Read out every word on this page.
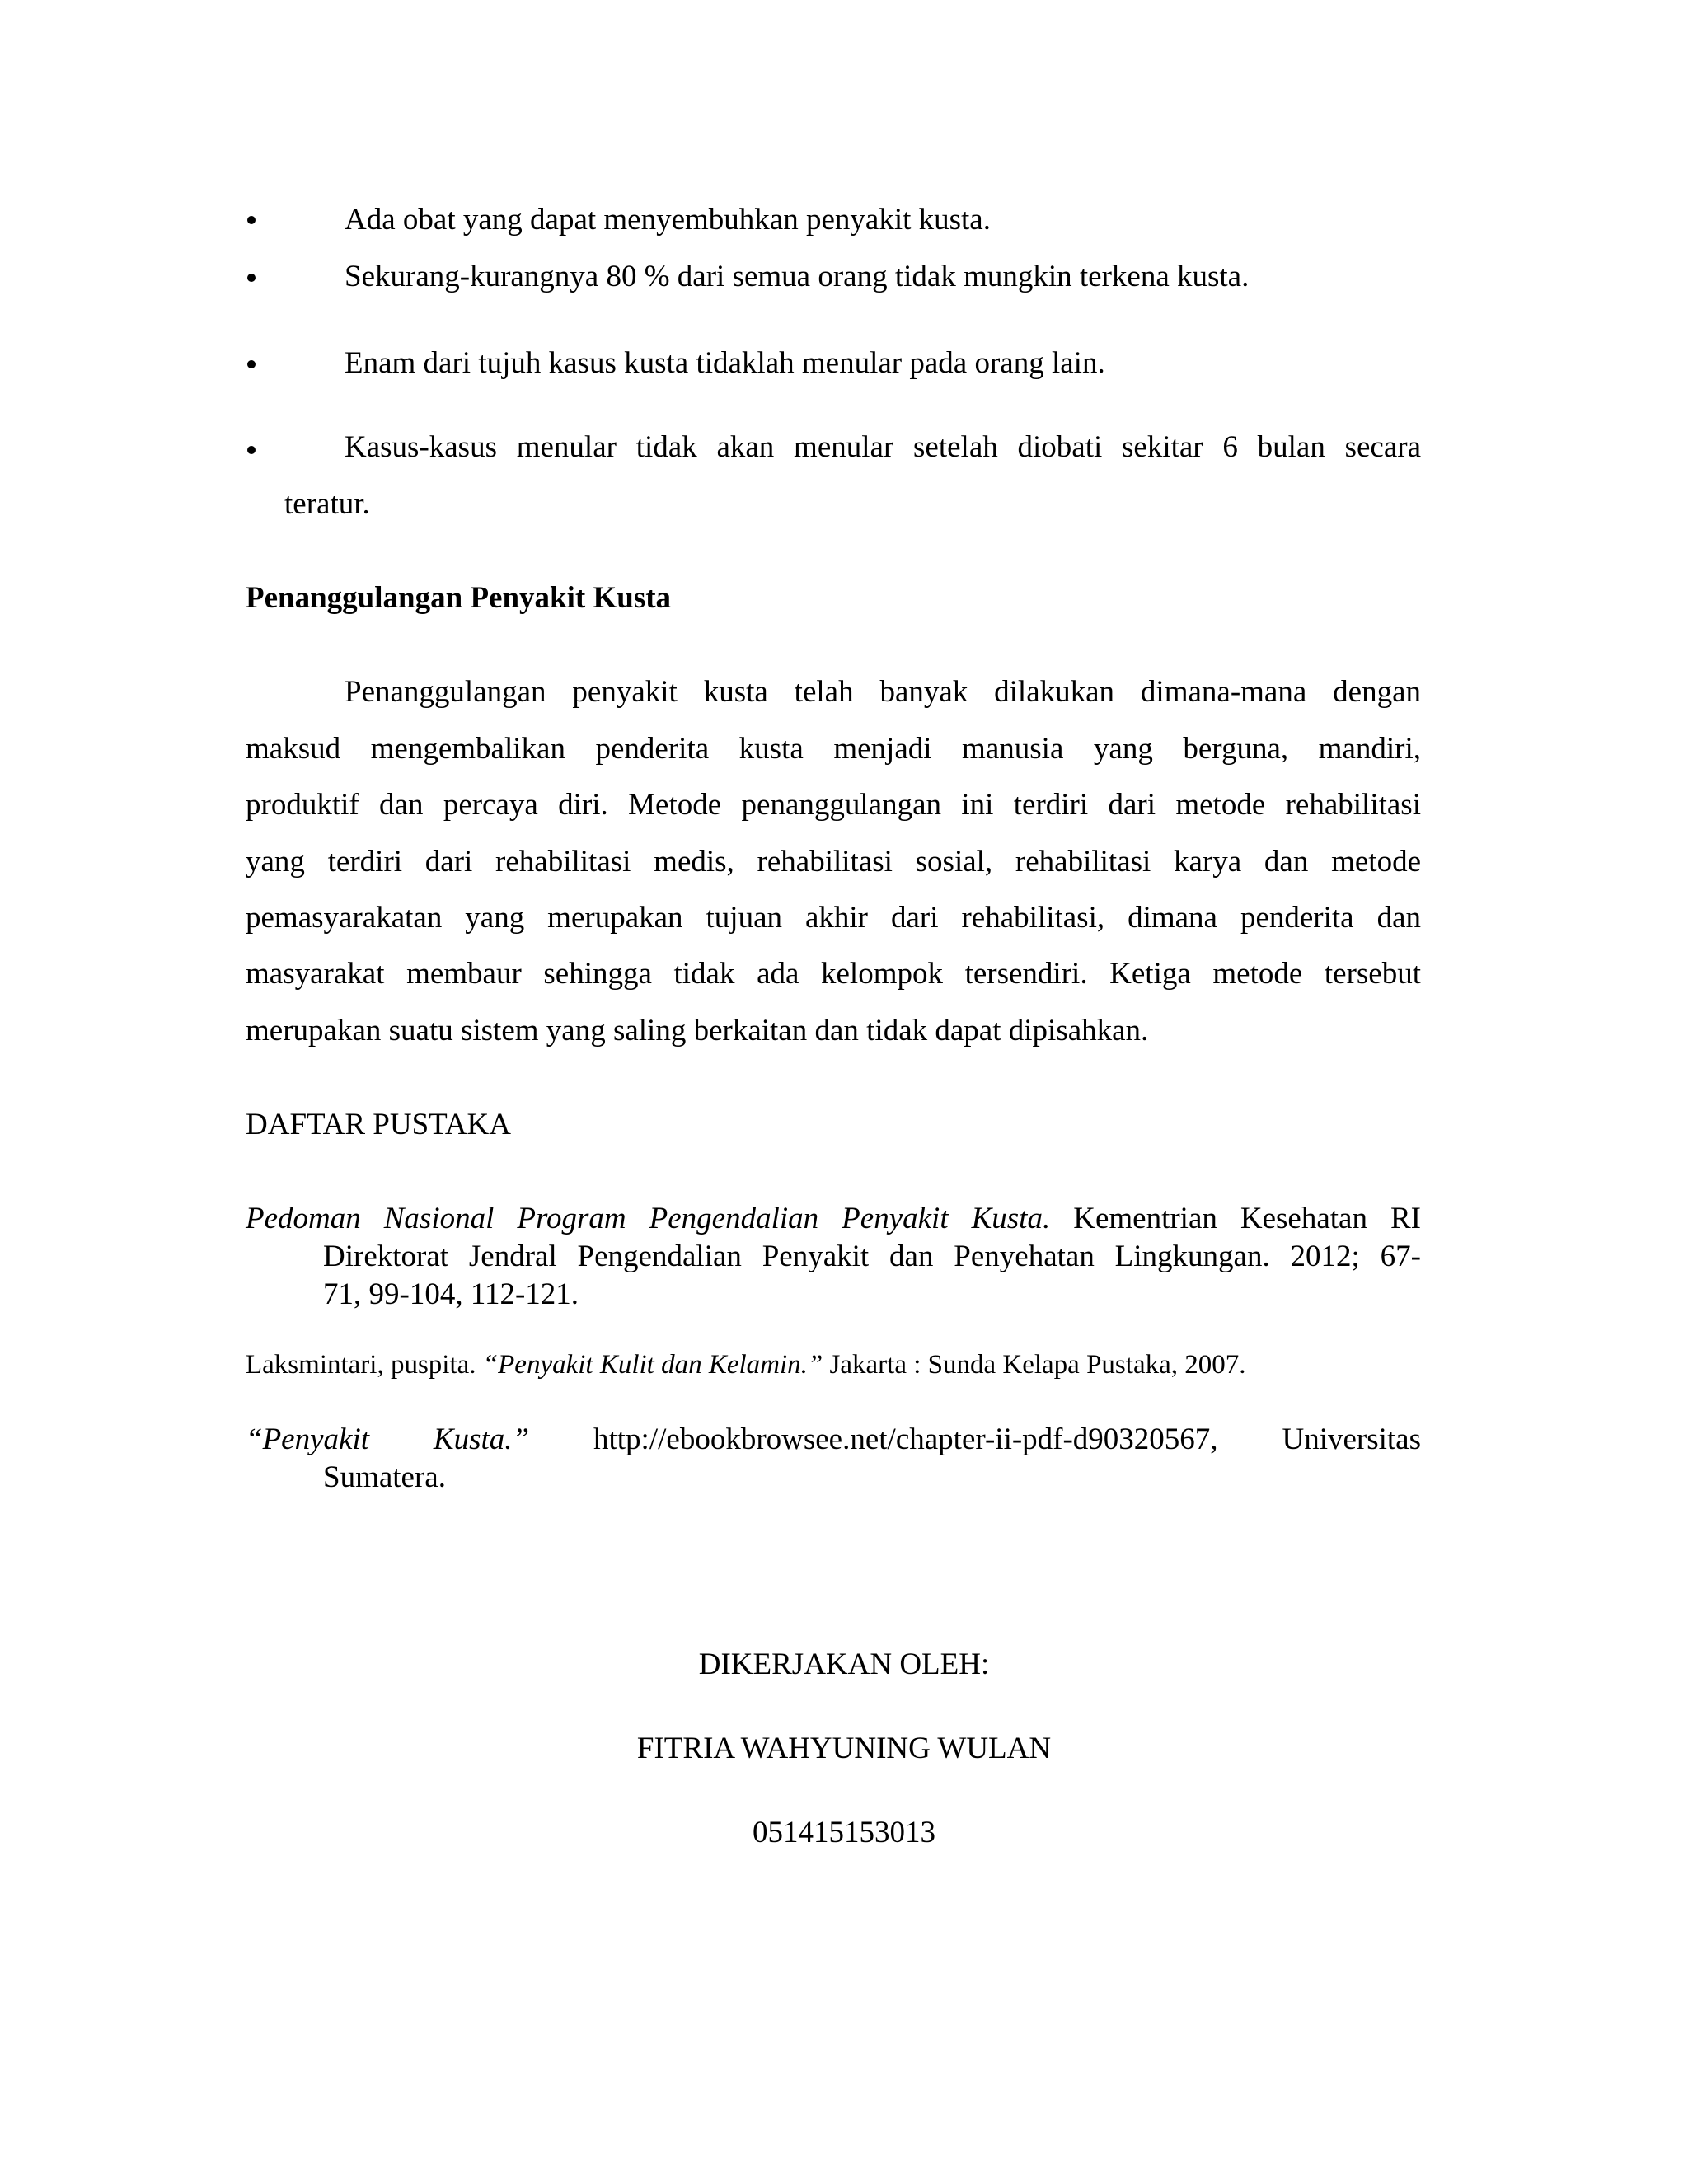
Ada obat yang dapat menyembuhkan penyakit kusta.
Sekurang-kurangnya 80 % dari semua orang tidak mungkin terkena kusta.
Enam dari tujuh kasus kusta tidaklah menular pada orang lain.
Kasus-kasus menular tidak akan menular setelah diobati sekitar 6 bulan secara
teratur.
Penanggulangan Penyakit Kusta
Penanggulangan penyakit kusta telah banyak dilakukan dimana-mana dengan
maksud mengembalikan penderita kusta menjadi manusia yang berguna, mandiri,
produktif dan percaya diri. Metode penanggulangan ini terdiri dari metode rehabilitasi
yang terdiri dari rehabilitasi medis, rehabilitasi sosial, rehabilitasi karya dan metode
pemasyarakatan yang merupakan tujuan akhir dari rehabilitasi, dimana penderita dan
masyarakat membaur sehingga tidak ada kelompok tersendiri. Ketiga metode tersebut
merupakan suatu sistem yang saling berkaitan dan tidak dapat dipisahkan.
DAFTAR PUSTAKA
Pedoman Nasional Program Pengendalian Penyakit Kusta. Kementrian Kesehatan RI
Direktorat Jendral Pengendalian Penyakit dan Penyehatan Lingkungan. 2012; 67-
71, 99-104, 112-121.
Laksmintari, puspita. “Penyakit Kulit dan Kelamin.” Jakarta : Sunda Kelapa Pustaka, 2007.
“Penyakit Kusta.” http://ebookbrowsee.net/chapter-ii-pdf-d90320567, Universitas
Sumatera.
DIKERJAKAN OLEH:
FITRIA WAHYUNING WULAN
051415153013
